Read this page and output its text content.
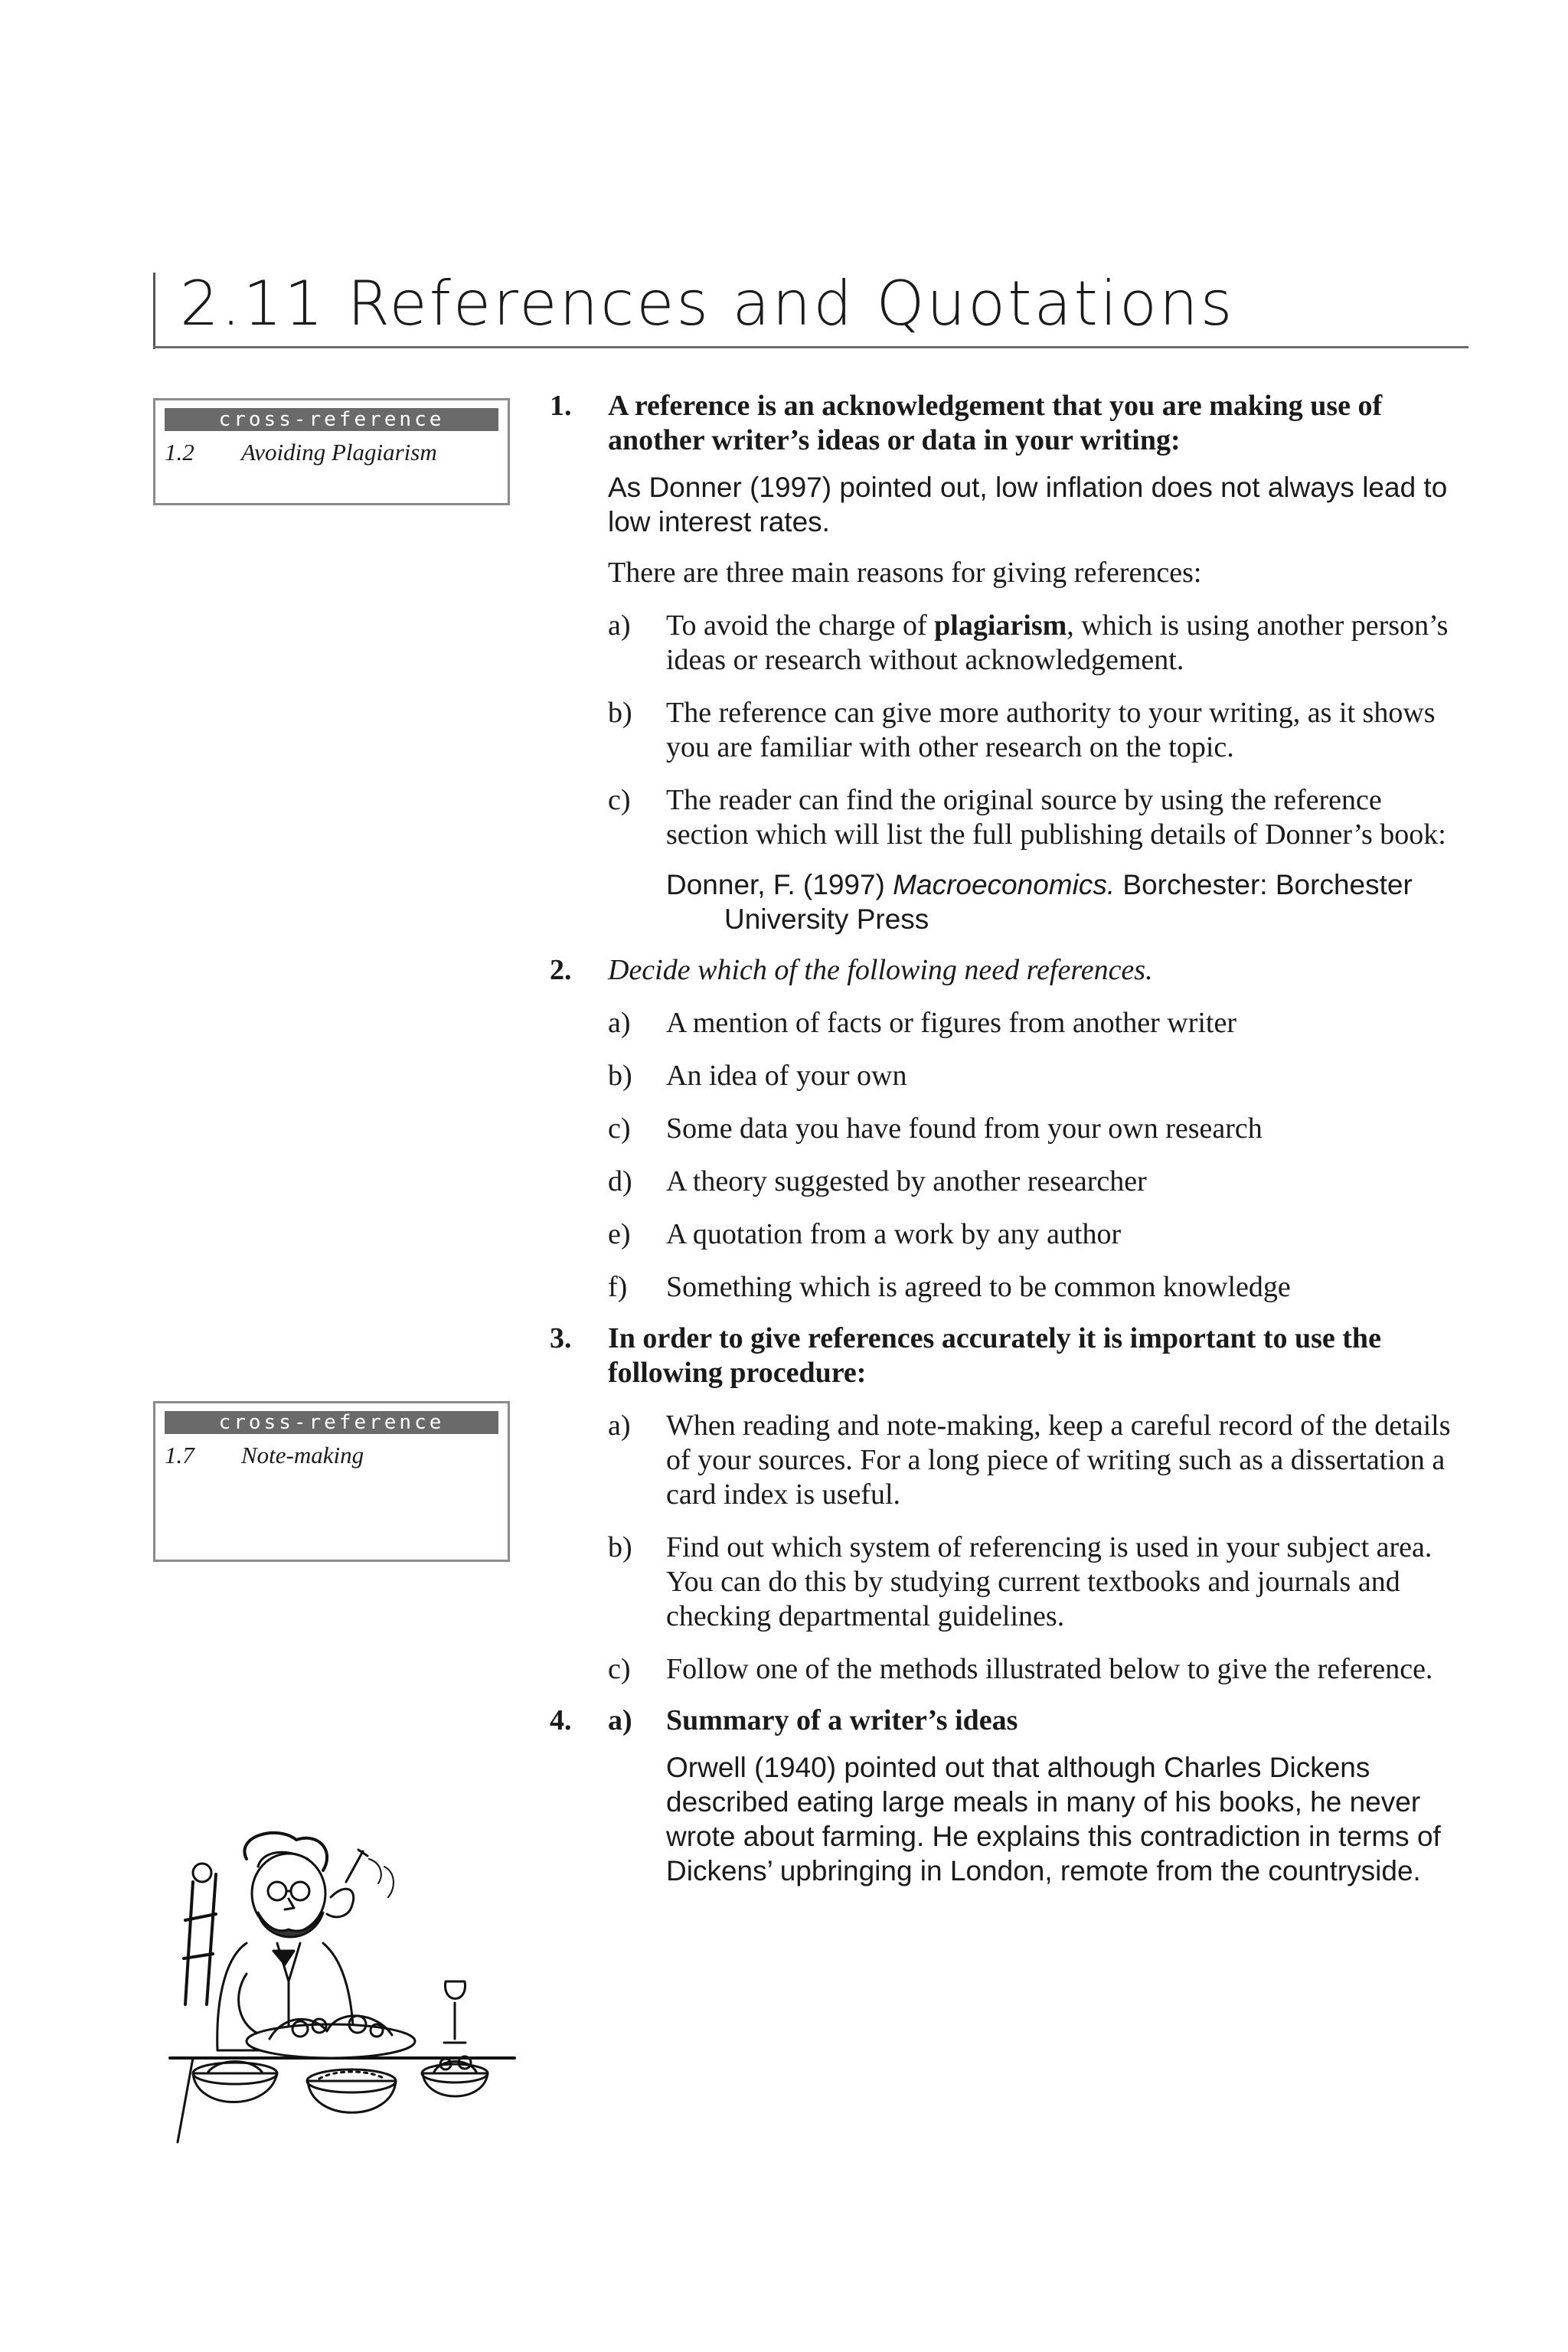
2.11 References and Quotations
cross-reference
1.2 Avoiding Plagiarism
cross-reference
1.7 Note-making
1. A reference is an acknowledgement that you are making use of another writer’s ideas or data in your writing:

As Donner (1997) pointed out, low inflation does not always lead to low interest rates.

There are three main reasons for giving references:

a) To avoid the charge of plagiarism, which is using another person’s ideas or research without acknowledgement.
b) The reference can give more authority to your writing, as it shows you are familiar with other research on the topic.
c) The reader can find the original source by using the reference section which will list the full publishing details of Donner’s book:

Donner, F. (1997) Macroeconomics. Borchester: Borchester University Press

2. Decide which of the following need references.

a) A mention of facts or figures from another writer
b) An idea of your own
c) Some data you have found from your own research
d) A theory suggested by another researcher
e) A quotation from a work by any author
f) Something which is agreed to be common knowledge
3. In order to give references accurately it is important to use the following procedure:

a) When reading and note-making, keep a careful record of the details of your sources. For a long piece of writing such as a dissertation a card index is useful.
b) Find out which system of referencing is used in your subject area. You can do this by studying current textbooks and journals and checking departmental guidelines.
c) Follow one of the methods illustrated below to give the reference.
4. a) Summary of a writer’s ideas

Orwell (1940) pointed out that although Charles Dickens described eating large meals in many of his books, he never wrote about farming. He explains this contradiction in terms of Dickens’ upbringing in London, remote from the countryside.
